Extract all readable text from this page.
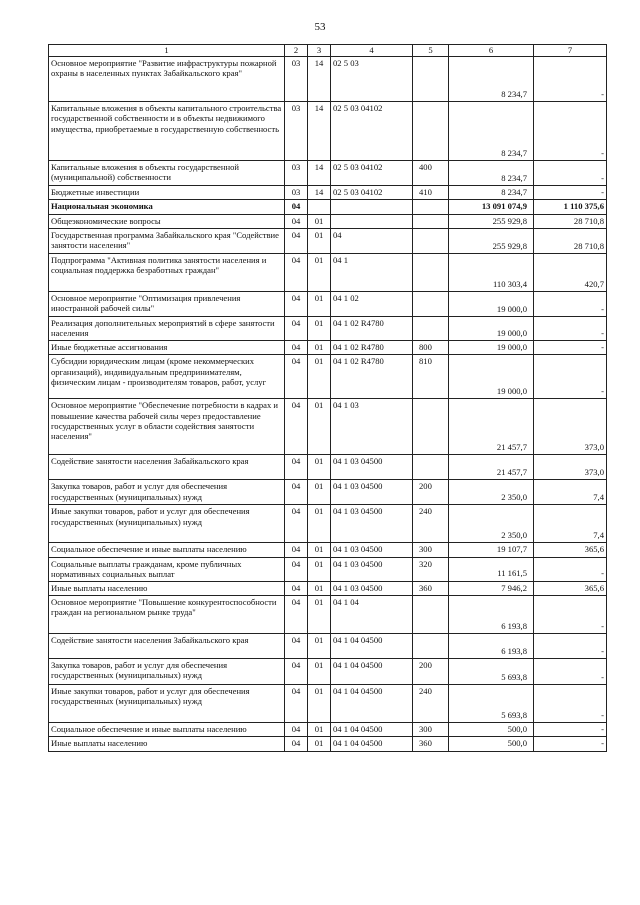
53
1	2	3	4	5	6	7
Основное мероприятие "Развитие инфраструктуры пожарной охраны в населенных пунктах Забайкальского края"	03	14	02 5 03		8 234,7	-
Капитальные вложения в объекты капитального строительства государственной собственности и в объекты недвижимого имущества, приобретаемые в государственную собственность	03	14	02 5 03 04102		8 234,7	-
Капитальные вложения в объекты государственной (муниципальной) собственности	03	14	02 5 03 04102	400	8 234,7	-
Бюджетные инвестиции	03	14	02 5 03 04102	410	8 234,7	-
Национальная экономика	04				13 091 074,9	1 110 375,6
Общеэкономические вопросы	04	01			255 929,8	28 710,8
Государственная программа Забайкальского края "Содействие занятости населения"	04	01	04		255 929,8	28 710,8
Подпрограмма "Активная политика занятости населения и социальная поддержка безработных граждан"	04	01	04 1		110 303,4	420,7
Основное мероприятие "Оптимизация привлечения иностранной рабочей силы"	04	01	04 1 02		19 000,0	-
Реализация дополнительных мероприятий в сфере занятости населения	04	01	04 1 02 R4780		19 000,0	-
Иные бюджетные ассигнования	04	01	04 1 02 R4780	800	19 000,0	-
Субсидии юридическим лицам (кроме некоммерческих организаций), индивидуальным предпринимателям, физическим лицам - производителям товаров, работ, услуг	04	01	04 1 02 R4780	810	19 000,0	-
Основное мероприятие "Обеспечение потребности в кадрах и повышение качества рабочей силы через предоставление государственных услуг в области содействия занятости населения"	04	01	04 1 03		21 457,7	373,0
Содействие занятости населения Забайкальского края	04	01	04 1 03 04500		21 457,7	373,0
Закупка товаров, работ и услуг для обеспечения государственных (муниципальных) нужд	04	01	04 1 03 04500	200	2 350,0	7,4
Иные закупки товаров, работ и услуг для обеспечения государственных (муниципальных) нужд	04	01	04 1 03 04500	240	2 350,0	7,4
Социальное обеспечение и иные выплаты населению	04	01	04 1 03 04500	300	19 107,7	365,6
Социальные выплаты гражданам, кроме публичных нормативных социальных выплат	04	01	04 1 03 04500	320	11 161,5	-
Иные выплаты населению	04	01	04 1 03 04500	360	7 946,2	365,6
Основное мероприятие "Повышение конкурентоспособности граждан на региональном рынке труда"	04	01	04 1 04		6 193,8	-
Содействие занятости населения Забайкальского края	04	01	04 1 04 04500		6 193,8	-
Закупка товаров, работ и услуг для обеспечения государственных (муниципальных) нужд	04	01	04 1 04 04500	200	5 693,8	-
Иные закупки товаров, работ и услуг для обеспечения государственных (муниципальных) нужд	04	01	04 1 04 04500	240	5 693,8	-
Социальное обеспечение и иные выплаты населению	04	01	04 1 04 04500	300	500,0	-
Иные выплаты населению	04	01	04 1 04 04500	360	500,0	-
